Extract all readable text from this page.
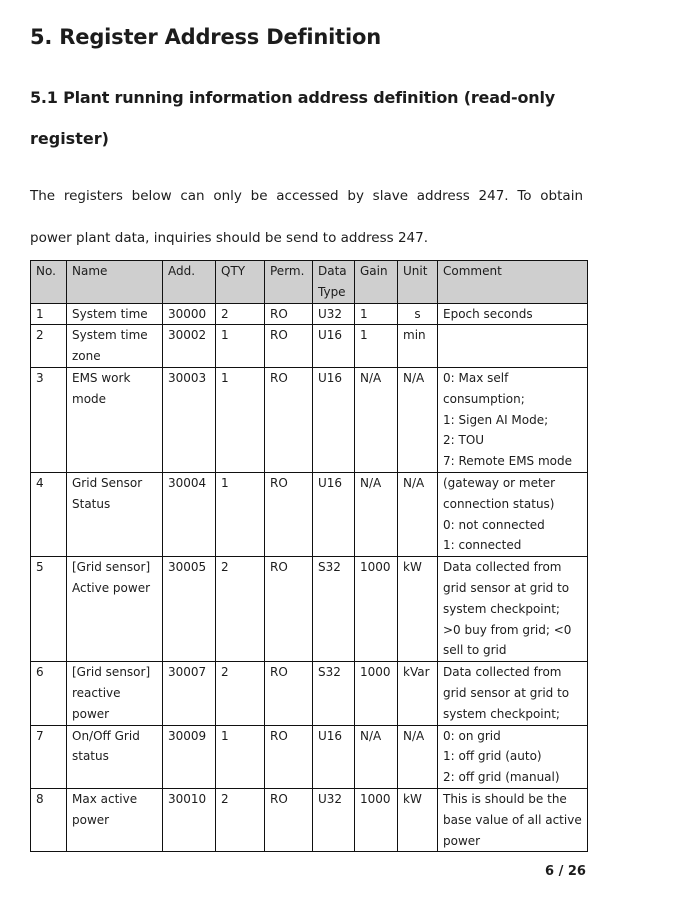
5. Register Address Definition
5.1 Plant running information address definition (read-only
register)

The registers below can only be accessed by slave address 247. To obtain

power plant data, inquiries should be send to address 247.

No.	Name	Add.	QTY	Perm.	Data Type	Gain	Unit	Comment
1	System time	30000	2	RO	U32	1	s	Epoch seconds
2	System time zone	30002	1	RO	U16	1	min	
3	EMS work mode	30003	1	RO	U16	N/A	N/A	0: Max self consumption;
1: Sigen AI Mode;
2: TOU
7: Remote EMS mode
4	Grid Sensor Status	30004	1	RO	U16	N/A	N/A	(gateway or meter connection status)
0: not connected
1: connected
5	[Grid sensor] Active power	30005	2	RO	S32	1000	kW	Data collected from grid sensor at grid to system checkpoint;
>0 buy from grid; <0 sell to grid
6	[Grid sensor] reactive power	30007	2	RO	S32	1000	kVar	Data collected from grid sensor at grid to system checkpoint;
7	On/Off Grid status	30009	1	RO	U16	N/A	N/A	0: on grid
1: off grid (auto)
2: off grid (manual)
8	Max active power	30010	2	RO	U32	1000	kW	This is should be the base value of all active power

6 / 26
